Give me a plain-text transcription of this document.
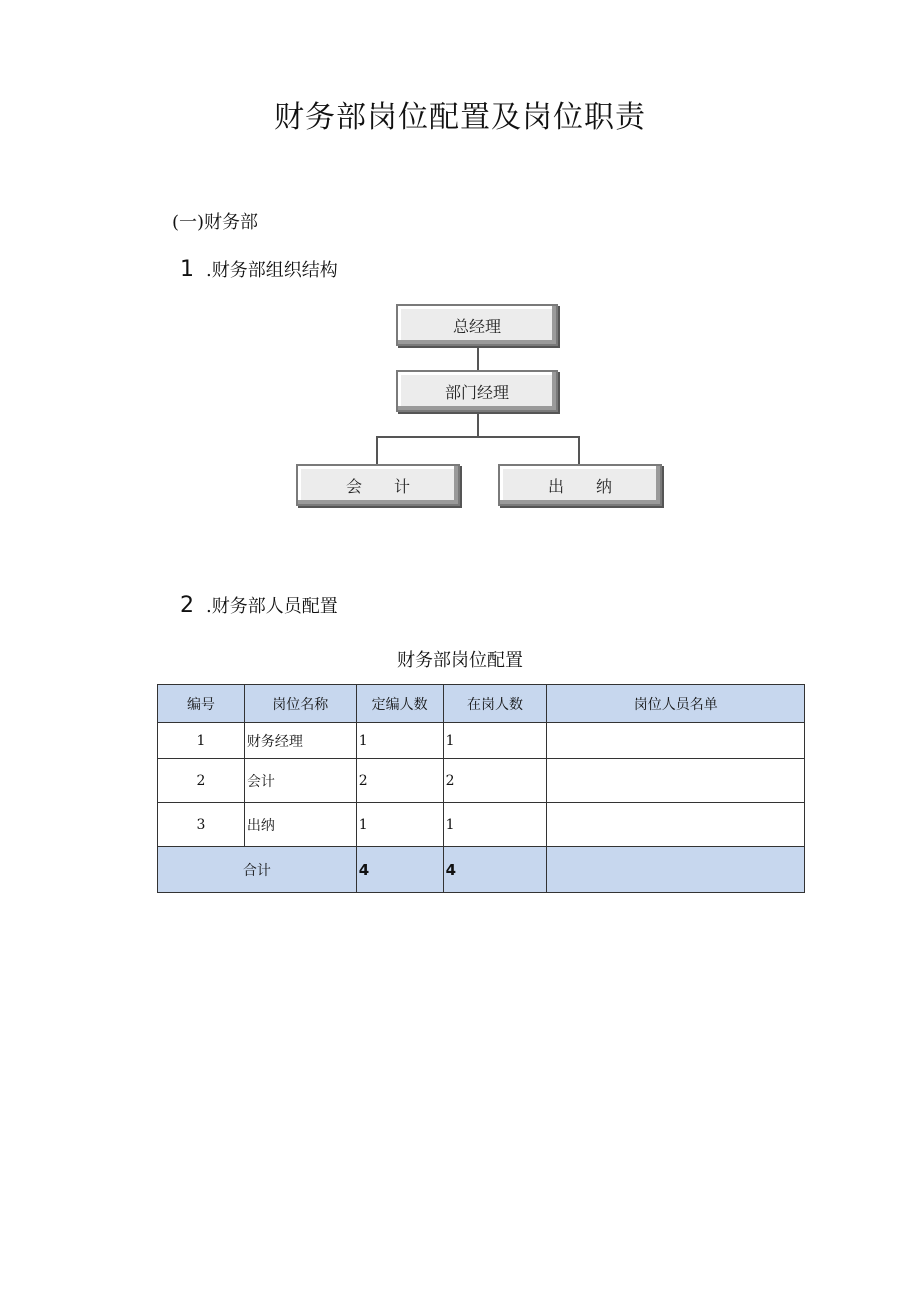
财务部岗位配置及岗位职责
(一)财务部
1 .财务部组织结构
总经理
部门经理
会　　计	出　　纳
2 .财务部人员配置
财务部岗位配置
编号	岗位名称	定编人数	在岗人数	岗位人员名单
1	财务经理	1	1	
2	会计	2	2	
3	出纳	1	1	
合计		4	4	
